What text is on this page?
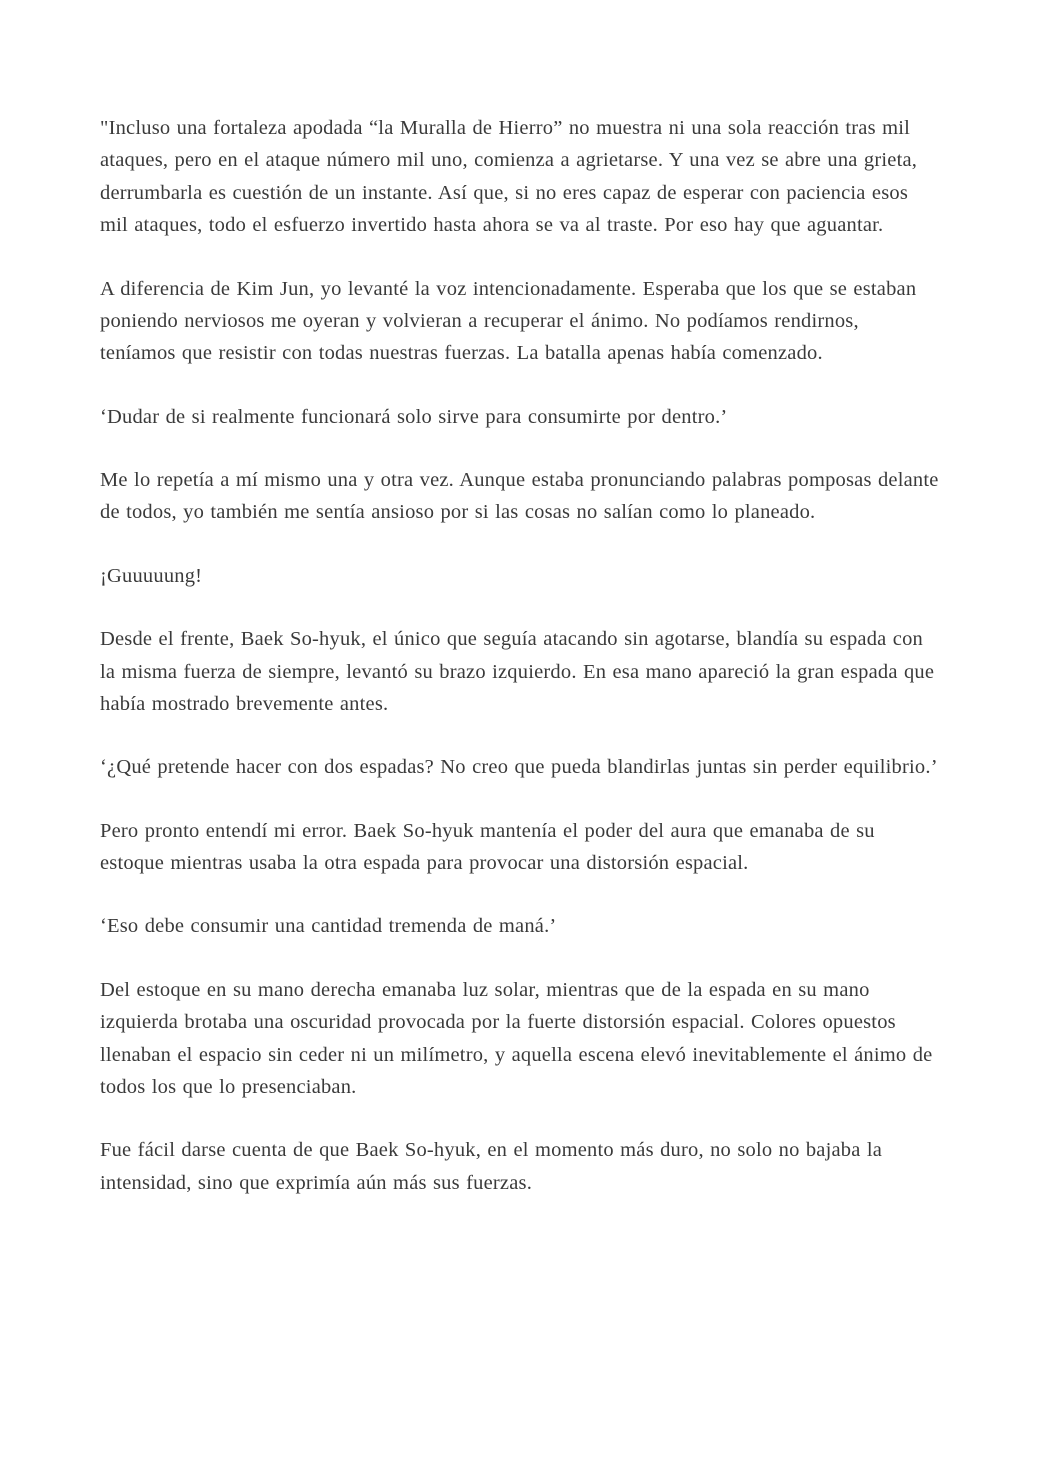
"Incluso una fortaleza apodada “la Muralla de Hierro” no muestra ni una sola reacción tras mil ataques, pero en el ataque número mil uno, comienza a agrietarse. Y una vez se abre una grieta, derrumbarla es cuestión de un instante. Así que, si no eres capaz de esperar con paciencia esos mil ataques, todo el esfuerzo invertido hasta ahora se va al traste. Por eso hay que aguantar.

A diferencia de Kim Jun, yo levanté la voz intencionadamente. Esperaba que los que se estaban poniendo nerviosos me oyeran y volvieran a recuperar el ánimo. No podíamos rendirnos, teníamos que resistir con todas nuestras fuerzas. La batalla apenas había comenzado.

‘Dudar de si realmente funcionará solo sirve para consumirte por dentro.’

Me lo repetía a mí mismo una y otra vez. Aunque estaba pronunciando palabras pomposas delante de todos, yo también me sentía ansioso por si las cosas no salían como lo planeado.

¡Guuuuung!

Desde el frente, Baek So-hyuk, el único que seguía atacando sin agotarse, blandía su espada con la misma fuerza de siempre, levantó su brazo izquierdo. En esa mano apareció la gran espada que había mostrado brevemente antes.

‘¿Qué pretende hacer con dos espadas? No creo que pueda blandirlas juntas sin perder equilibrio.’

Pero pronto entendí mi error. Baek So-hyuk mantenía el poder del aura que emanaba de su estoque mientras usaba la otra espada para provocar una distorsión espacial.

‘Eso debe consumir una cantidad tremenda de maná.’

Del estoque en su mano derecha emanaba luz solar, mientras que de la espada en su mano izquierda brotaba una oscuridad provocada por la fuerte distorsión espacial. Colores opuestos llenaban el espacio sin ceder ni un milímetro, y aquella escena elevó inevitablemente el ánimo de todos los que lo presenciaban.

Fue fácil darse cuenta de que Baek So-hyuk, en el momento más duro, no solo no bajaba la intensidad, sino que exprimía aún más sus fuerzas.
